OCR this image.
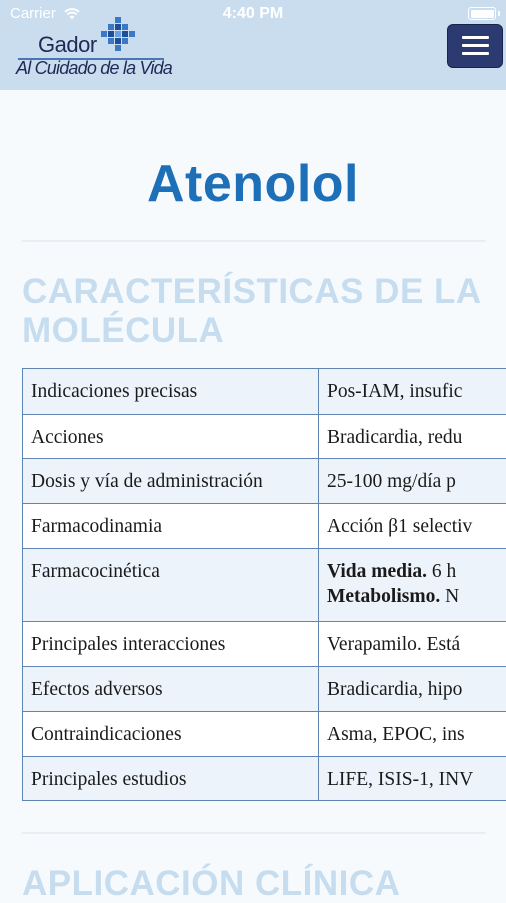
Carrier	4:40 PM
Gador
Al Cuidado de la Vida
Atenolol
CARACTERÍSTICAS DE LA MOLÉCULA
Indicaciones precisas	Pos-IAM, insufic
Acciones	Bradicardia, redu
Dosis y vía de administración	25-100 mg/día p
Farmacodinamia	Acción β1 selectiv
Farmacocinética	Vida media. 6 h
Metabolismo. N

Principales interacciones	Verapamilo. Está
Efectos adversos	Bradicardia, hipo
Contraindicaciones	Asma, EPOC, ins
Principales estudios	LIFE, ISIS-1, INV
APLICACIÓN CLÍNICA
